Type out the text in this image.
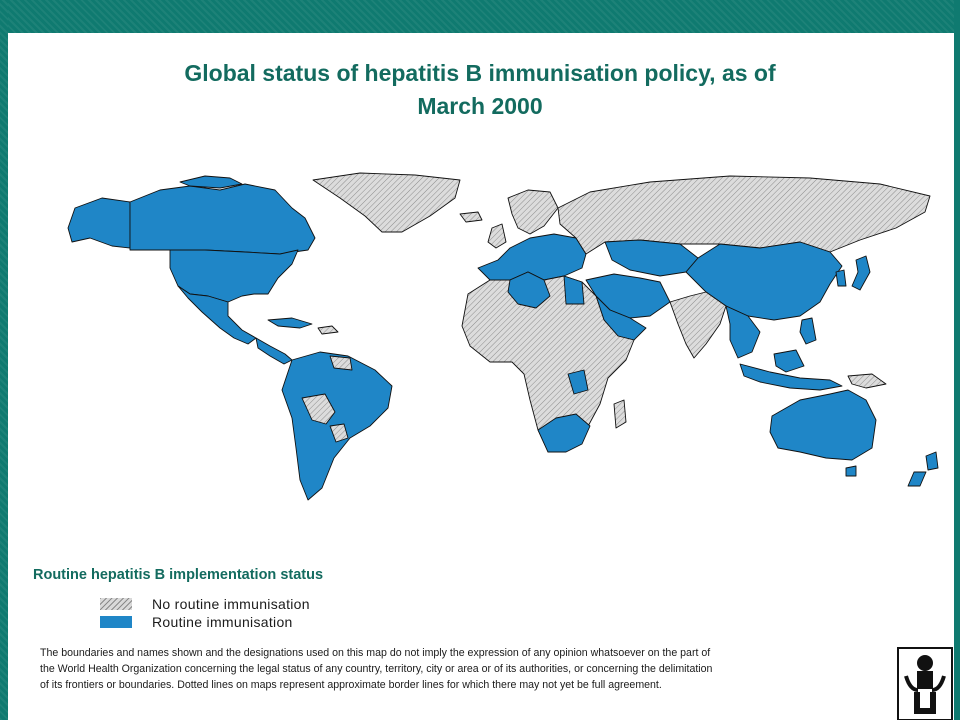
Global status of hepatitis B immunisation policy, as of
March 2000
Routine hepatitis B implementation status
No routine immunisation
Routine immunisation
The boundaries and names shown and the designations used on this map do not imply the expression of any opinion whatsoever on the part of
the World Health Organization concerning the legal status of any country, territory, city or area or of its authorities, or concerning the delimitation
of its frontiers or boundaries. Dotted lines on maps represent approximate border lines for which there may not yet be full agreement.
